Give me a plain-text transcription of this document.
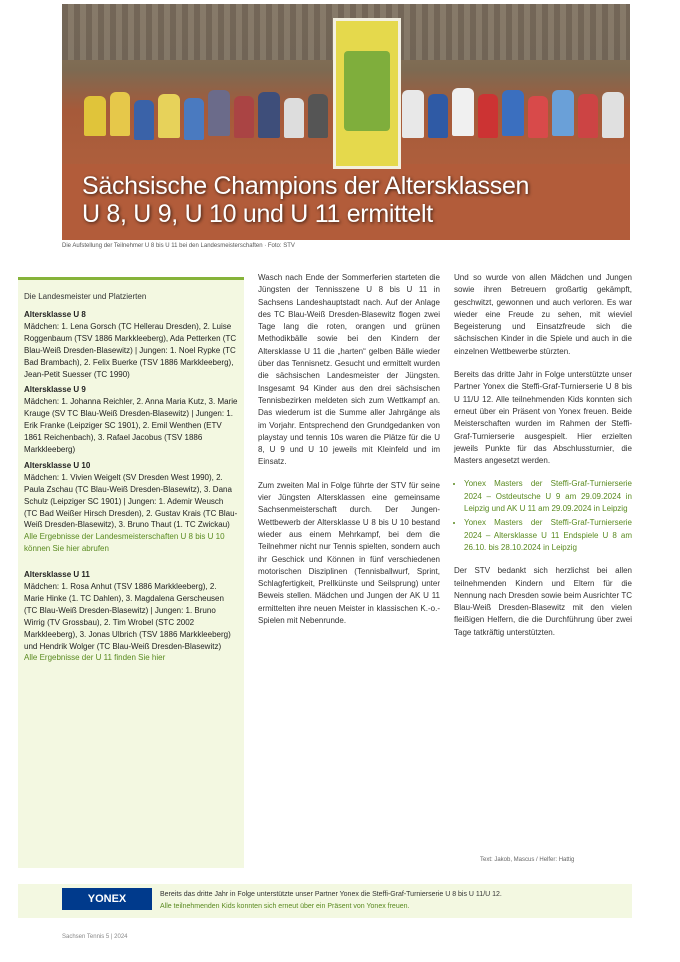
Sächsische Champions der Altersklassen
U 8, U 9, U 10 und U 11 ermittelt
Die Aufstellung der Teilnehmer U 8 bis U 11 bei den Landesmeisterschaften · Foto: STV
Die Landesmeister und Platzierten
Altersklasse U 8
Mädchen: 1. Lena Gorsch (TC Hellerau Dresden), 2. Luise Roggenbaum (TSV 1886 Markkleeberg), Ada Petterken (TC Blau-Weiß Dresden-Blasewitz) | Jungen: 1. Noel Rypke (TC Bad Brambach), 2. Felix Buerke (TSV 1886 Markkleeberg), Jean-Petit Suesser (TC 1990)
Altersklasse U 9
Mädchen: 1. Johanna Reichler, 2. Anna Maria Kutz, 3. Marie Krauge (SV TC Blau-Weiß Dresden-Blasewitz) | Jungen: 1. Erik Franke (Leipziger SC 1901), 2. Emil Wenthen (ETV 1861 Reichenbach), 3. Rafael Jacobus (TSV 1886 Markkleeberg)
Altersklasse U 10
Mädchen: 1. Vivien Weigelt (SV Dresden West 1990), 2. Paula Zschau (TC Blau-Weiß Dresden-Blasewitz), 3. Dana Schulz (Leipziger SC 1901) | Jungen: 1. Ademir Weusch (TC Bad Weißer Hirsch Dresden), 2. Gustav Krais (TC Blau-Weiß Dresden-Blasewitz), 3. Bruno Thaut (1. TC Zwickau)
Alle Ergebnisse der Landesmeisterschaften U 8 bis U 10 können Sie hier abrufen
Altersklasse U 11
Mädchen: 1. Rosa Anhut (TSV 1886 Markkleeberg), 2. Marie Hinke (1. TC Dahlen), 3. Magdalena Gerscheusen (TC Blau-Weiß Dresden-Blasewitz) | Jungen: 1. Bruno Wirrig (TV Grossbau), 2. Tim Wrobel (STC 2002 Markkleeberg), 3. Jonas Ulbrich (TSV 1886 Markkleeberg) und Hendrik Wolger (TC Blau-Weiß Dresden-Blasewitz)
Alle Ergebnisse der U 11 finden Sie hier

Wasch nach Ende der Sommerferien starteten die Jüngsten der Tennisszene U 8 bis U 11 in Sachsens Landeshauptstadt nach. Auf der Anlage des TC Blau-Weiß Dresden-Blasewitz flogen zwei Tage lang die roten, orangen und grünen Methodikbälle sowie bei den Kindern der Altersklasse U 11 die „harten“ gelben Bälle wieder über das Tennisnetz. Gesucht und ermittelt wurden die sächsischen Landesmeister der Jüngsten. Insgesamt 94 Kinder aus den drei sächsischen Tennisbezirken meldeten sich zum Wettkampf an. Das wiederum ist die Summe aller Jahrgänge als im Vorjahr. Entsprechend den Grundgedanken von playstay und tennis 10s waren die Plätze für die U 8, U 9 und U 10 jeweils mit Kleinfeld und im Einsatz.

Zum zweiten Mal in Folge führte der STV für seine vier Jüngsten Altersklassen eine gemeinsame Sachsenmeisterschaft durch. Der Jungen-Wettbewerb der Altersklasse U 8 bis U 10 bestand wieder aus einem Mehrkampf, bei dem die Teilnehmer nicht nur Tennis spielten, sondern auch ihr Geschick und Können in fünf verschiedenen motorischen Disziplinen (Tennisballwurf, Sprint, Schlagfertigkeit, Prellkünste und Seilsprung) unter Beweis stellen. Mädchen und Jungen der AK U 11 ermittelten ihre neuen Meister in klassischen K.-o.-Spielen mit Nebenrunde.

Und so wurde von allen Mädchen und Jungen sowie ihren Betreuern großartig gekämpft, geschwitzt, gewonnen und auch verloren. Es war wieder eine Freude zu sehen, mit wieviel Begeisterung und Einsatzfreude sich die sächsischen Kinder in die Spiele und auch in die einzelnen Wettbewerbe stürzten.

Bereits das dritte Jahr in Folge unterstützte unser Partner Yonex die Steffi-Graf-Turnierserie U 8 bis U 11/U 12. Alle teilnehmenden Kids konnten sich erneut über ein Präsent von Yonex freuen. Beide Meisterschaften wurden im Rahmen der Steffi-Graf-Turnierserie ausgespielt. Hier erzielten jeweils Punkte für das Abschlussturnier, die Masters angesetzt werden.

• Yonex Masters der Steffi-Graf-Turnierserie 2024 – Ostdeutsche U 9 am 29.09.2024 in Leipzig und AK U 11 am 29.09.2024 in Leipzig
• Yonex Masters der Steffi-Graf-Turnierserie 2024 – Altersklasse U 11 Endspiele U 8 am 26.10. bis 28.10.2024 in Leipzig

Der STV bedankt sich herzlichst bei allen teilnehmenden Kindern und Eltern für die Nennung nach Dresden sowie beim Ausrichter TC Blau-Weiß Dresden-Blasewitz mit den vielen fleißigen Helfern, die die Durchführung über zwei Tage tatkräftig unterstützten.

Text: Jakob, Mascus / Helfer: Hattig
YONEX	Bereits das dritte Jahr in Folge unterstützte unser Partner Yonex die Steffi-Graf-Turnierserie U 8 bis U 11/U 12.
Alle teilnehmenden Kids konnten sich erneut über ein Präsent von Yonex freuen.
Sachsen Tennis 5 | 2024
